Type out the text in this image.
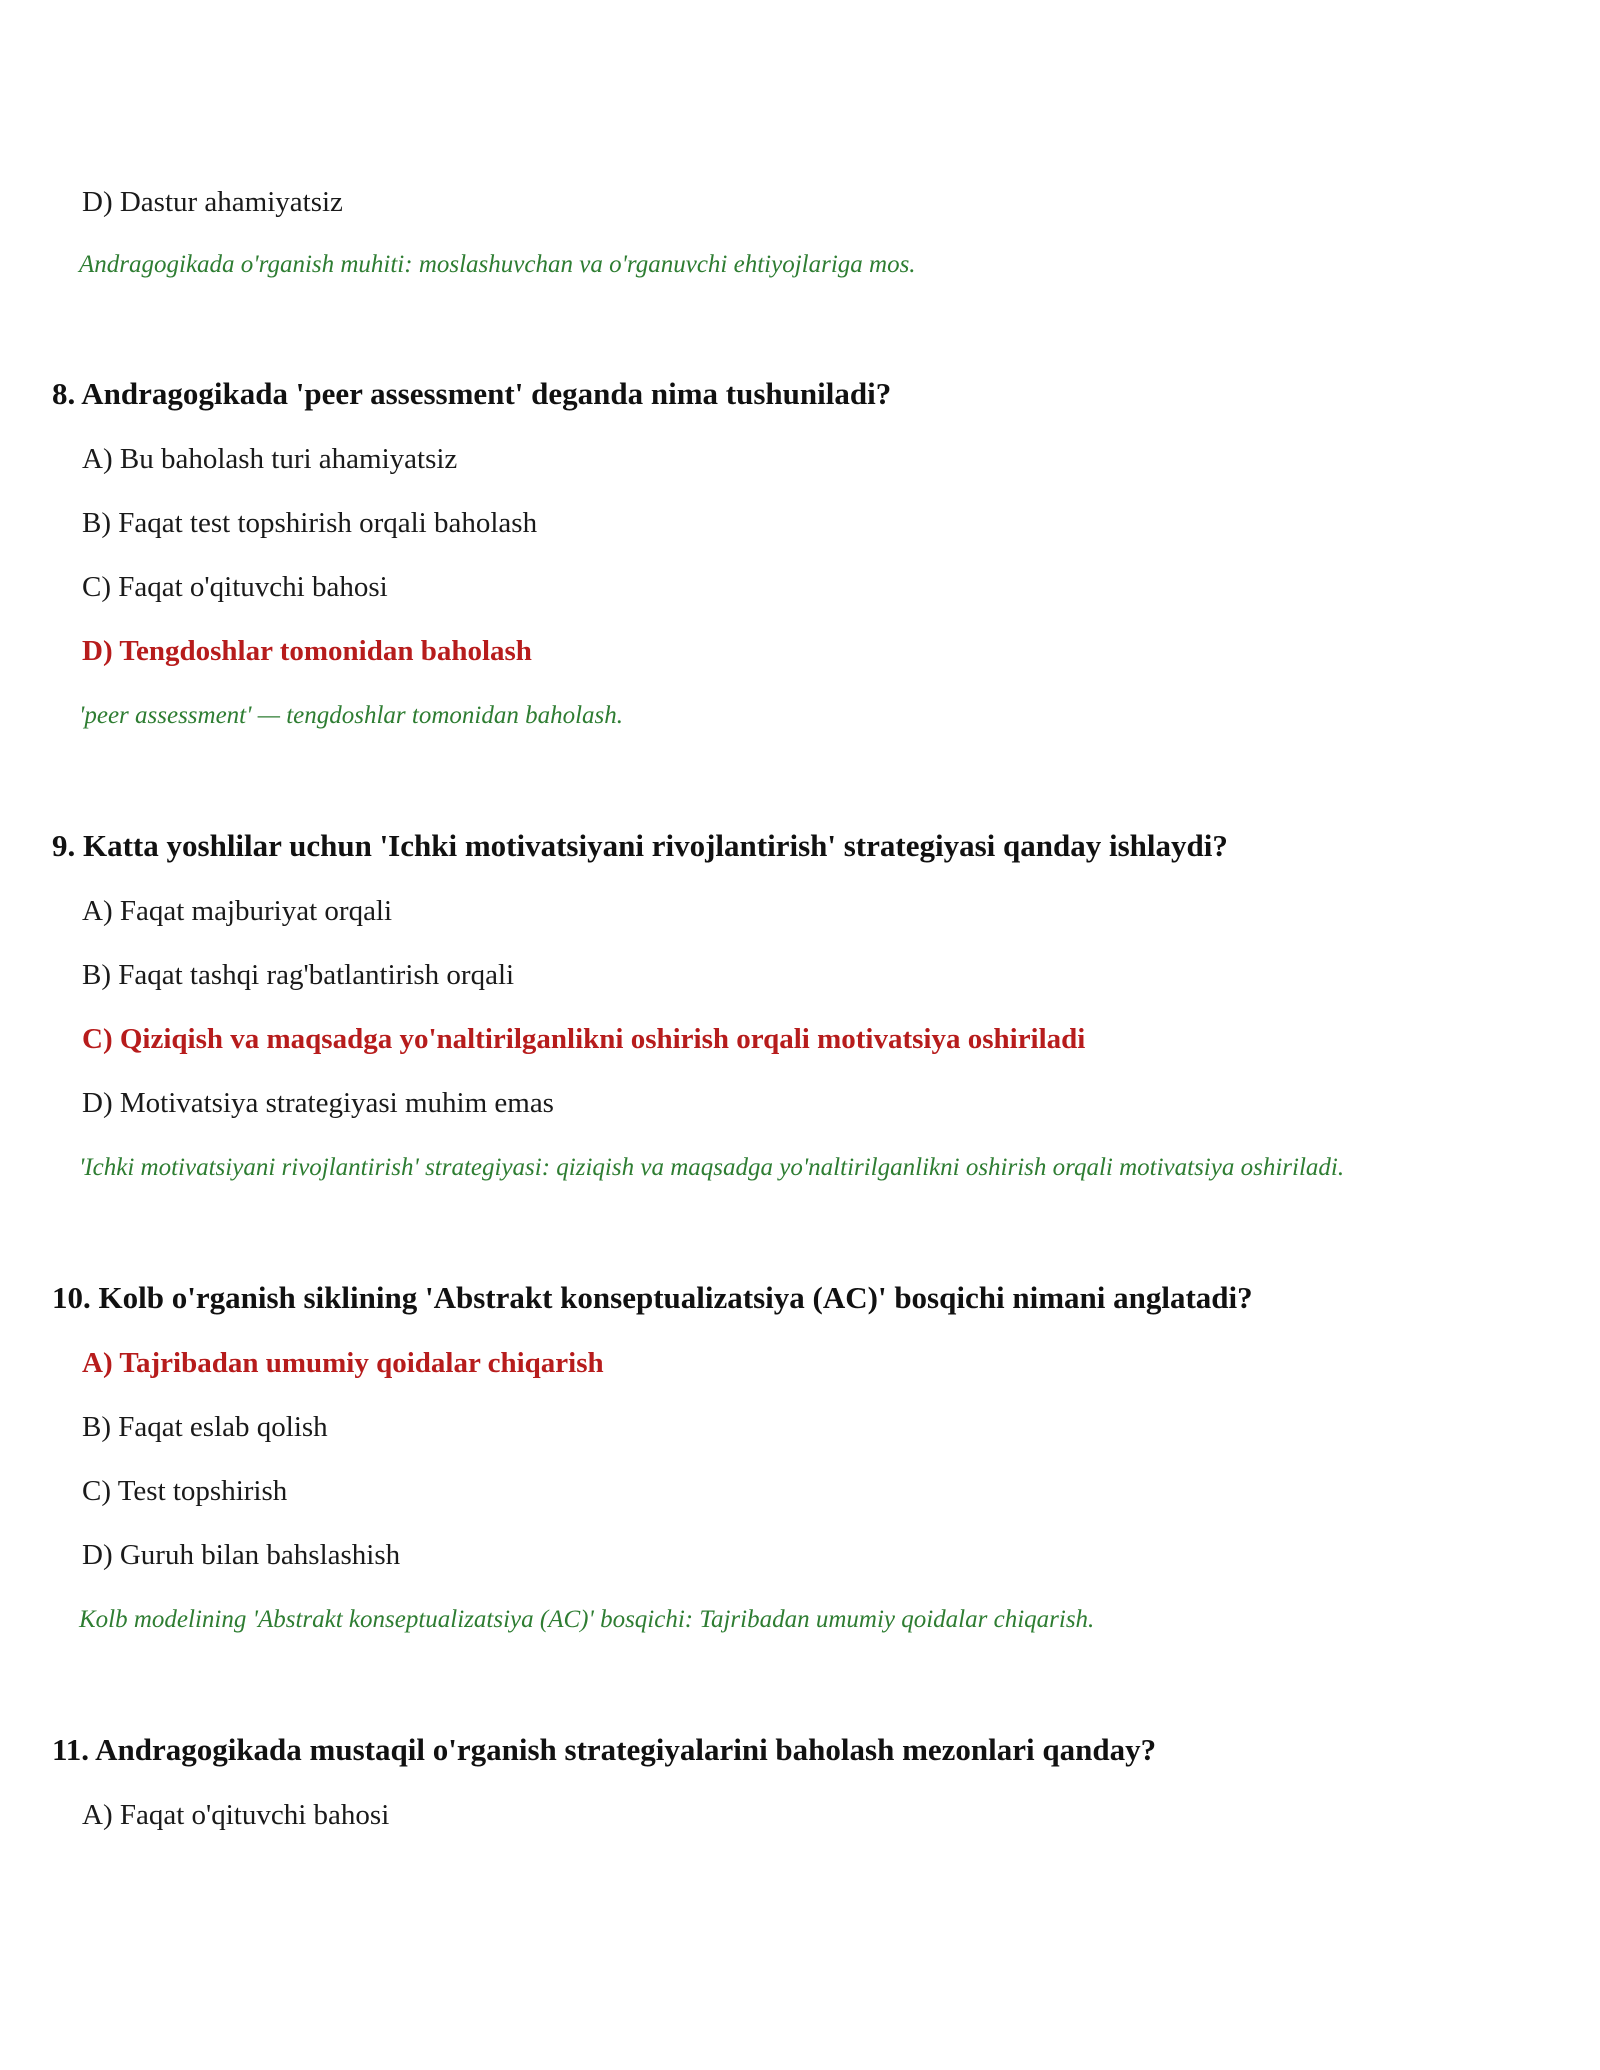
D) Dastur ahamiyatsiz
Andragogikada o'rganish muhiti: moslashuvchan va o'rganuvchi ehtiyojlariga mos.
8. Andragogikada 'peer assessment' deganda nima tushuniladi?
A) Bu baholash turi ahamiyatsiz
B) Faqat test topshirish orqali baholash
C) Faqat o'qituvchi bahosi
D) Tengdoshlar tomonidan baholash
'peer assessment' — tengdoshlar tomonidan baholash.
9. Katta yoshlilar uchun 'Ichki motivatsiyani rivojlantirish' strategiyasi qanday ishlaydi?
A) Faqat majburiyat orqali
B) Faqat tashqi rag'batlantirish orqali
C) Qiziqish va maqsadga yo'naltirilganlikni oshirish orqali motivatsiya oshiriladi
D) Motivatsiya strategiyasi muhim emas
'Ichki motivatsiyani rivojlantirish' strategiyasi: qiziqish va maqsadga yo'naltirilganlikni oshirish orqali motivatsiya oshiriladi.
10. Kolb o'rganish siklining 'Abstrakt konseptualizatsiya (AC)' bosqichi nimani anglatadi?
A) Tajribadan umumiy qoidalar chiqarish
B) Faqat eslab qolish
C) Test topshirish
D) Guruh bilan bahslashish
Kolb modelining 'Abstrakt konseptualizatsiya (AC)' bosqichi: Tajribadan umumiy qoidalar chiqarish.
11. Andragogikada mustaqil o'rganish strategiyalarini baholash mezonlari qanday?
A) Faqat o'qituvchi bahosi
